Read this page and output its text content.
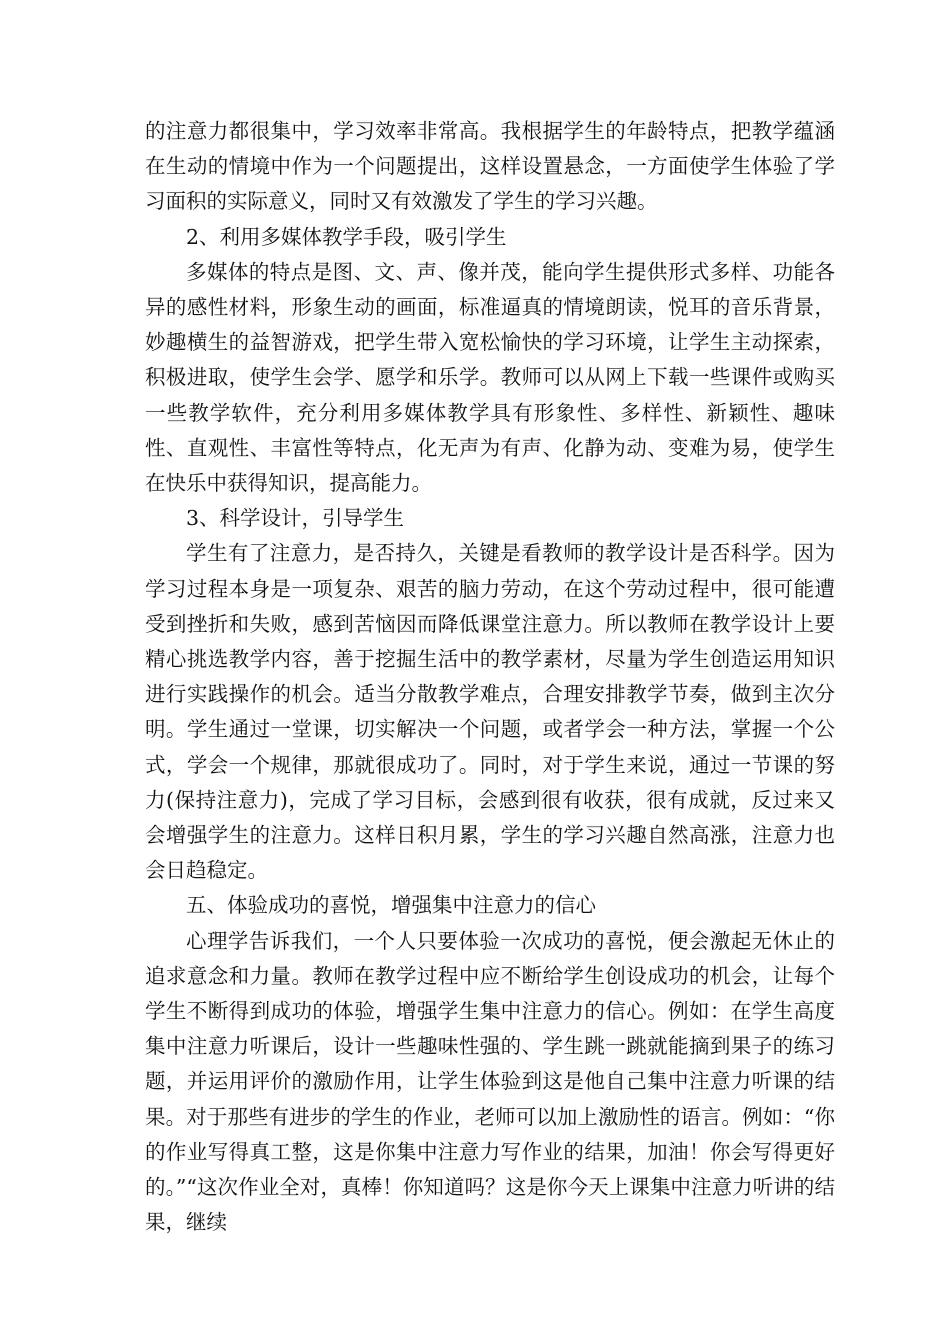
的注意力都很集中，学习效率非常高。我根据学生的年龄特点，把教学蕴涵在生动的情境中作为一个问题提出，这样设置悬念，一方面使学生体验了学习面积的实际意义，同时又有效激发了学生的学习兴趣。

2、利用多媒体教学手段，吸引学生

多媒体的特点是图、文、声、像并茂，能向学生提供形式多样、功能各异的感性材料，形象生动的画面，标准逼真的情境朗读，悦耳的音乐背景，妙趣横生的益智游戏，把学生带入宽松愉快的学习环境，让学生主动探索，积极进取，使学生会学、愿学和乐学。教师可以从网上下载一些课件或购买一些教学软件，充分利用多媒体教学具有形象性、多样性、新颖性、趣味性、直观性、丰富性等特点，化无声为有声、化静为动、变难为易，使学生在快乐中获得知识，提高能力。

3、科学设计，引导学生

学生有了注意力，是否持久，关键是看教师的教学设计是否科学。因为学习过程本身是一项复杂、艰苦的脑力劳动，在这个劳动过程中，很可能遭受到挫折和失败，感到苦恼因而降低课堂注意力。所以教师在教学设计上要精心挑选教学内容，善于挖掘生活中的教学素材，尽量为学生创造运用知识进行实践操作的机会。适当分散教学难点，合理安排教学节奏，做到主次分明。学生通过一堂课，切实解决一个问题，或者学会一种方法，掌握一个公式，学会一个规律，那就很成功了。同时，对于学生来说，通过一节课的努力(保持注意力)，完成了学习目标，会感到很有收获，很有成就，反过来又会增强学生的注意力。这样日积月累，学生的学习兴趣自然高涨，注意力也会日趋稳定。

五、体验成功的喜悦，增强集中注意力的信心

心理学告诉我们，一个人只要体验一次成功的喜悦，便会激起无休止的追求意念和力量。教师在教学过程中应不断给学生创设成功的机会，让每个学生不断得到成功的体验，增强学生集中注意力的信心。例如：在学生高度集中注意力听课后，设计一些趣味性强的、学生跳一跳就能摘到果子的练习题，并运用评价的激励作用，让学生体验到这是他自己集中注意力听课的结果。对于那些有进步的学生的作业，老师可以加上激励性的语言。例如：“你的作业写得真工整，这是你集中注意力写作业的结果，加油！你会写得更好的。”“这次作业全对，真棒！你知道吗？这是你今天上课集中注意力听讲的结果，继续
